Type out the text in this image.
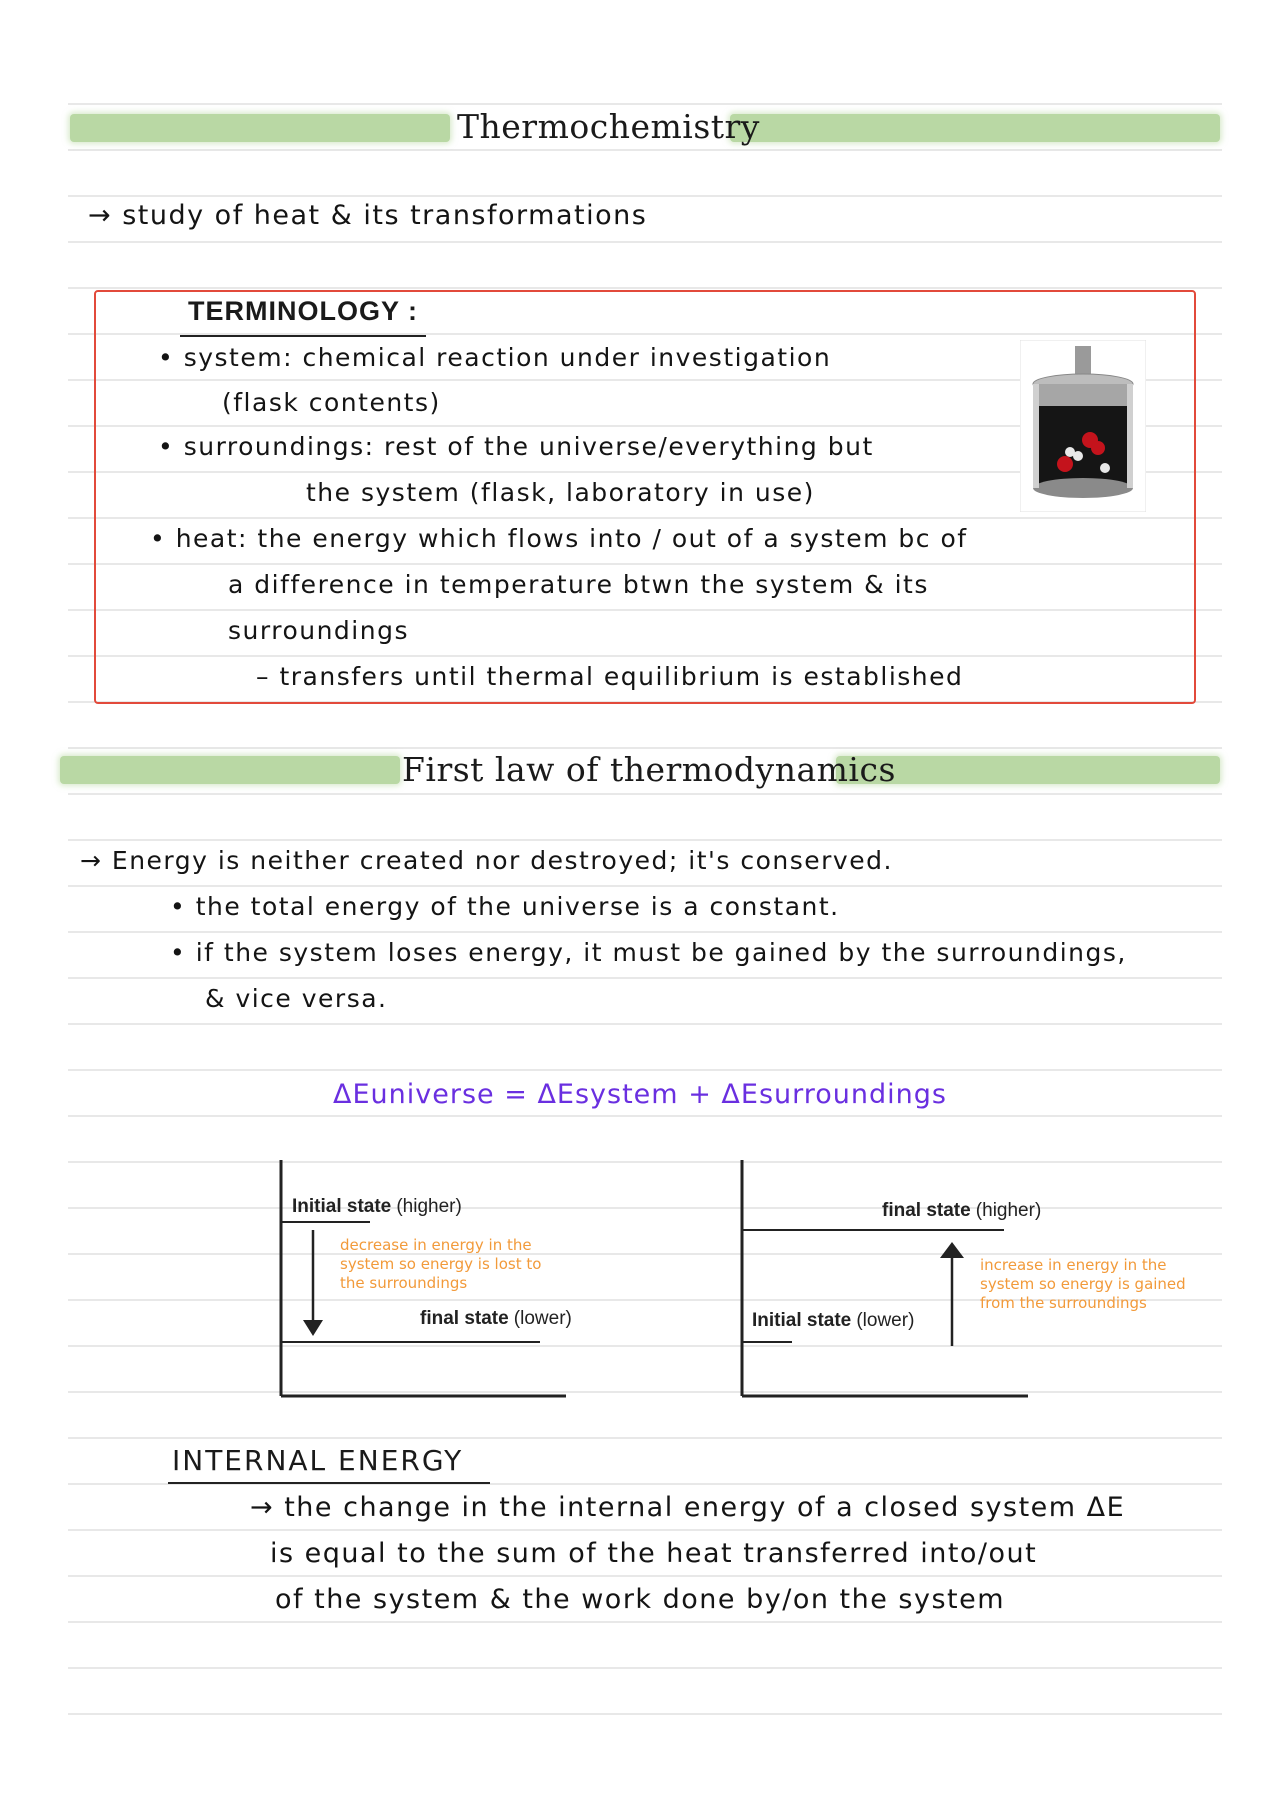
Thermochemistry
→ study of heat & its transformations
TERMINOLOGY :
• system: chemical reaction under investigation
(flask contents)
• surroundings: rest of the universe/everything but
the system (flask, laboratory in use)
• heat: the energy which flows into / out of a system bc of
a difference in temperature btwn the system & its
surroundings
– transfers until thermal equilibrium is established
First law of thermodynamics
→ Energy is neither created nor destroyed; it's conserved.
• the total energy of the universe is a constant.
• if the system loses energy, it must be gained by the surroundings,
& vice versa.
ΔEuniverse = ΔEsystem + ΔEsurroundings
Initial state (higher)
decrease in energy in the
system so energy is lost to
the surroundings
final state (lower)
final state (higher)
increase in energy in the
system so energy is gained
from the surroundings
Initial state (lower)
INTERNAL ENERGY
→ the change in the internal energy of a closed system ΔE
is equal to the sum of the heat transferred into/out
of the system & the work done by/on the system
